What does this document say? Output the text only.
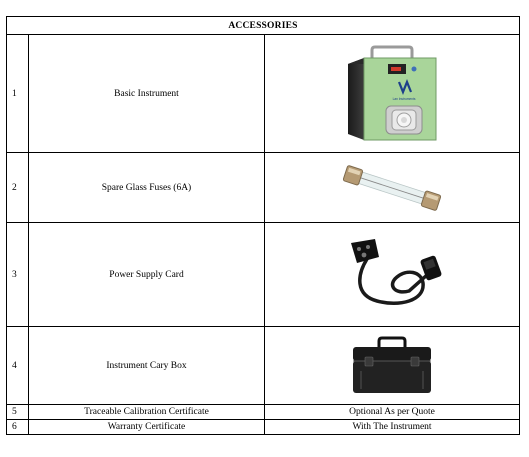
ACCESSORIES		
1	Basic Instrument	Lan Instruments

2	Spare Glass Fuses (6A)	

3	Power Supply Card	

4	Instrument Cary Box	

5	Traceable Calibration Certificate	Optional As per Quote
6	Warranty Certificate	With The Instrument
